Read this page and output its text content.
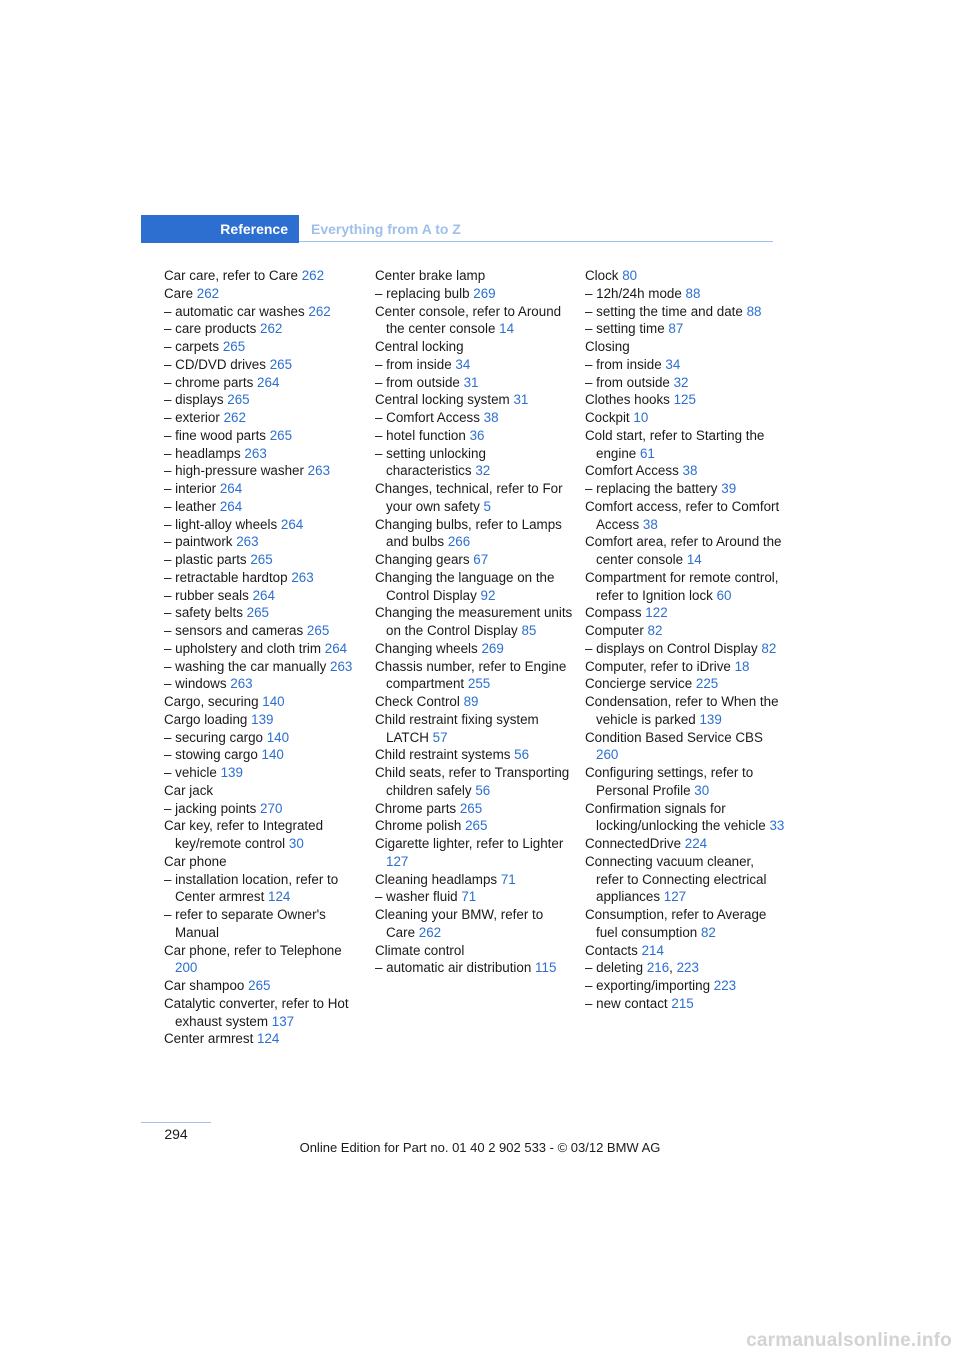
Reference	Everything from A to Z
Car care, refer to Care 262
Care 262
– automatic car washes 262
– care products 262
– carpets 265
– CD/DVD drives 265
– chrome parts 264
– displays 265
– exterior 262
– fine wood parts 265
– headlamps 263
– high-pressure washer 263
– interior 264
– leather 264
– light-alloy wheels 264
– paintwork 263
– plastic parts 265
– retractable hardtop 263
– rubber seals 264
– safety belts 265
– sensors and cameras 265
– upholstery and cloth trim 264
– washing the car manually 263
– windows 263
Cargo, securing 140
Cargo loading 139
– securing cargo 140
– stowing cargo 140
– vehicle 139
Car jack
– jacking points 270
Car key, refer to Integrated key/remote control 30
Car phone
– installation location, refer to Center armrest 124
– refer to separate Owner's Manual
Car phone, refer to Telephone 200
Car shampoo 265
Catalytic converter, refer to Hot exhaust system 137
Center armrest 124
Center brake lamp
– replacing bulb 269
Center console, refer to Around the center console 14
Central locking
– from inside 34
– from outside 31
Central locking system 31
– Comfort Access 38
– hotel function 36
– setting unlocking characteristics 32
Changes, technical, refer to For your own safety 5
Changing bulbs, refer to Lamps and bulbs 266
Changing gears 67
Changing the language on the Control Display 92
Changing the measurement units on the Control Display 85
Changing wheels 269
Chassis number, refer to Engine compartment 255
Check Control 89
Child restraint fixing system LATCH 57
Child restraint systems 56
Child seats, refer to Transporting children safely 56
Chrome parts 265
Chrome polish 265
Cigarette lighter, refer to Lighter 127
Cleaning headlamps 71
– washer fluid 71
Cleaning your BMW, refer to Care 262
Climate control
– automatic air distribution 115
Clock 80
– 12h/24h mode 88
– setting the time and date 88
– setting time 87
Closing
– from inside 34
– from outside 32
Clothes hooks 125
Cockpit 10
Cold start, refer to Starting the engine 61
Comfort Access 38
– replacing the battery 39
Comfort access, refer to Comfort Access 38
Comfort area, refer to Around the center console 14
Compartment for remote control, refer to Ignition lock 60
Compass 122
Computer 82
– displays on Control Display 82
Computer, refer to iDrive 18
Concierge service 225
Condensation, refer to When the vehicle is parked 139
Condition Based Service CBS 260
Configuring settings, refer to Personal Profile 30
Confirmation signals for locking/unlocking the vehicle 33
ConnectedDrive 224
Connecting vacuum cleaner, refer to Connecting electrical appliances 127
Consumption, refer to Average fuel consumption 82
Contacts 214
– deleting 216, 223
– exporting/importing 223
– new contact 215
294
Online Edition for Part no. 01 40 2 902 533 - © 03/12 BMW AG
carmanualsonline.info
